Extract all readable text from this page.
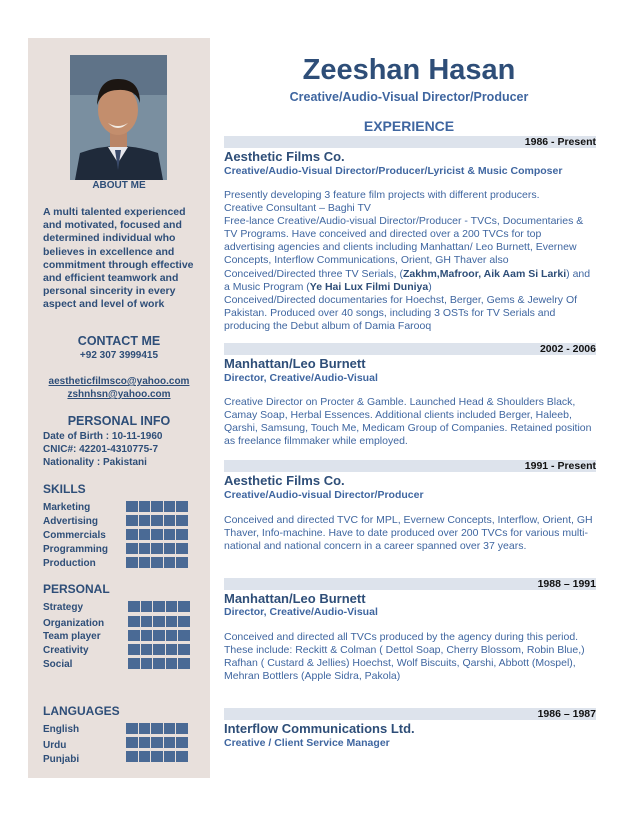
ABOUT ME
A multi talented experienced and motivated, focused and determined individual who believes in excellence and commitment through effective and efficient teamwork and personal sincerity in every aspect and level of work
CONTACT ME
+92 307 3999415
aestheticfilmsco@yahoo.com
zshnhsn@yahoo.com
PERSONAL INFO
Date of Birth : 10-11-1960
CNIC#: 42201-4310775-7
Nationality : Pakistani
SKILLS
Marketing
Advertising
Commercials
Programming
Production
PERSONAL
Strategy
Organization
Team player
Creativity
Social
LANGUAGES
English
Urdu
Punjabi
Zeeshan Hasan
Creative/Audio-Visual Director/Producer
EXPERIENCE
1986 - Present
Aesthetic Films Co.
Creative/Audio-Visual Director/Producer/Lyricist & Music Composer
Presently developing 3 feature film projects with different producers.
Creative Consultant – Baghi TV
Free-lance Creative/Audio-visual Director/Producer - TVCs, Documentaries & TV Programs. Have conceived and directed over a 200 TVCs for top advertising agencies and clients including Manhattan/ Leo Burnett, Evernew Concepts, Interflow Communications, Orient, GH Thaver also Conceived/Directed three TV Serials, (Zakhm,Mafroor, Aik Aam Si Larki) and a Music Program (Ye Hai Lux Filmi Duniya)
Conceived/Directed documentaries for Hoechst, Berger, Gems & Jewelry Of Pakistan. Produced over 40 songs, including 3 OSTs for TV Serials and producing the Debut album of Damia Farooq
2002 - 2006
Manhattan/Leo Burnett
Director, Creative/Audio-Visual
Creative Director on Procter & Gamble. Launched Head & Shoulders Black, Camay Soap, Herbal Essences. Additional clients included Berger, Haleeb, Qarshi, Samsung, Touch Me, Medicam Group of Companies. Retained position as freelance filmmaker while employed.
1991 - Present
Aesthetic Films Co.
Creative/Audio-visual Director/Producer
Conceived and directed TVC for MPL, Evernew Concepts, Interflow, Orient, GH Thaver, Info-machine. Have to date produced over 200 TVCs for various multi-national and national concern in a career spanned over 37 years.
1988 – 1991
Manhattan/Leo Burnett
Director, Creative/Audio-Visual
Conceived and directed all TVCs produced by the agency during this period.
These include: Reckitt & Colman ( Dettol Soap, Cherry Blossom, Robin Blue,) Rafhan ( Custard & Jellies) Hoechst, Wolf Biscuits, Qarshi, Abbott (Mospel), Mehran Bottlers (Apple Sidra, Pakola)
1986 – 1987
Interflow Communications Ltd.
Creative / Client Service Manager
